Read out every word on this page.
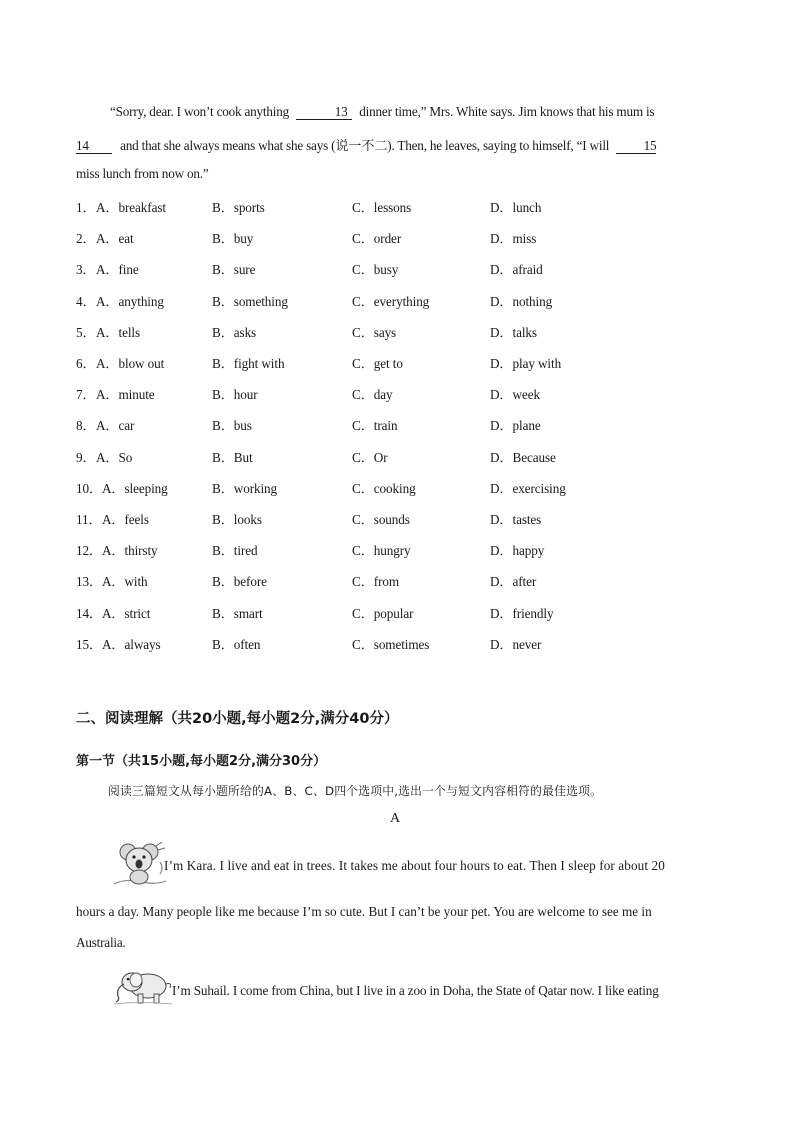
“Sorry, dear. I won’t cook anything	13 dinner time,” Mrs. White says. Jim knows that his mum is
14 and that she always means what she says (说一不二). Then, he leaves, saying to himself, “I will	15
miss lunch from now on.”
1． A．breakfast	B．sports	C．lessons	D．lunch
2． A．eat	B．buy	C．order	D．miss
3． A．fine	B．sure	C．busy	D．afraid
4． A．anything	B．something	C．everything	D．nothing
5． A．tells	B．asks	C．says	D．talks
6． A．blow out	B．fight with	C．get to	D．play with
7． A．minute	B．hour	C．day	D．week
8． A．car	B．bus	C．train	D．plane
9． A．So	B．But	C．Or	D．Because
10． A．sleeping	B．working	C．cooking	D．exercising
11． A．feels	B．looks	C．sounds	D．tastes
12． A．thirsty	B．tired	C．hungry	D．happy
13． A．with	B．before	C．from	D．after
14． A．strict	B．smart	C．popular	D．friendly
15． A．always	B．often	C．sometimes	D．never
二、阅读理解（共20小题,每小题2分,满分40分）
第一节（共15小题,每小题2分,满分30分）
阅读三篇短文从每小题所给的A、B、C、D四个选项中,选出一个与短文内容相符的最佳选项。
A
I’m Kara. I live and eat in trees. It takes me about four hours to eat. Then I sleep for about 20
hours a day. Many people like me because I’m so cute. But I can’t be your pet. You are welcome to see me in
Australia.
I’m Suhail. I come from China, but I live in a zoo in Doha, the State of Qatar now. I like eating
